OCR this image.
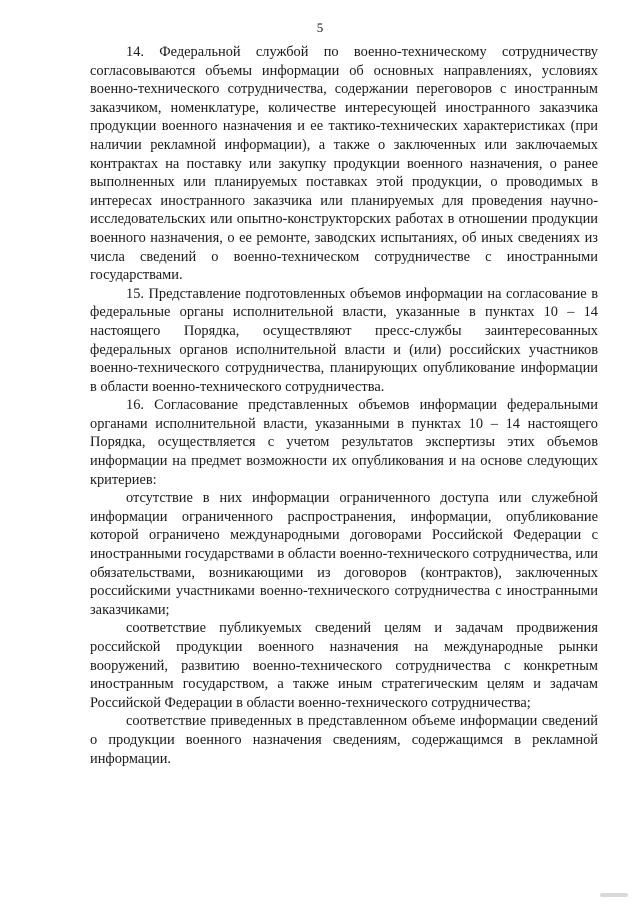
5

14. Федеральной службой по военно-техническому сотрудничеству согласовываются объемы информации об основных направлениях, условиях военно-технического сотрудничества, содержании переговоров с иностранным заказчиком, номенклатуре, количестве интересующей иностранного заказчика продукции военного назначения и ее тактико-технических характеристиках (при наличии рекламной информации), а также о заключенных или заключаемых контрактах на поставку или закупку продукции военного назначения, о ранее выполненных или планируемых поставках этой продукции, о проводимых в интересах иностранного заказчика или планируемых для проведения научно-исследовательских или опытно-конструкторских работах в отношении продукции военного назначения, о ее ремонте, заводских испытаниях, об иных сведениях из числа сведений о военно-техническом сотрудничестве с иностранными государствами.

15. Представление подготовленных объемов информации на согласование в федеральные органы исполнительной власти, указанные в пунктах 10 – 14 настоящего Порядка, осуществляют пресс-службы заинтересованных федеральных органов исполнительной власти и (или) российских участников военно-технического сотрудничества, планирующих опубликование информации в области военно-технического сотрудничества.

16. Согласование представленных объемов информации федеральными органами исполнительной власти, указанными в пунктах 10 – 14 настоящего Порядка, осуществляется с учетом результатов экспертизы этих объемов информации на предмет возможности их опубликования и на основе следующих критериев:

отсутствие в них информации ограниченного доступа или служебной информации ограниченного распространения, информации, опубликование которой ограничено международными договорами Российской Федерации с иностранными государствами в области военно-технического сотрудничества, или обязательствами, возникающими из договоров (контрактов), заключенных российскими участниками военно-технического сотрудничества с иностранными заказчиками;

соответствие публикуемых сведений целям и задачам продвижения российской продукции военного назначения на международные рынки вооружений, развитию военно-технического сотрудничества с конкретным иностранным государством, а также иным стратегическим целям и задачам Российской Федерации в области военно-технического сотрудничества;

соответствие приведенных в представленном объеме информации сведений о продукции военного назначения сведениям, содержащимся в рекламной информации.
